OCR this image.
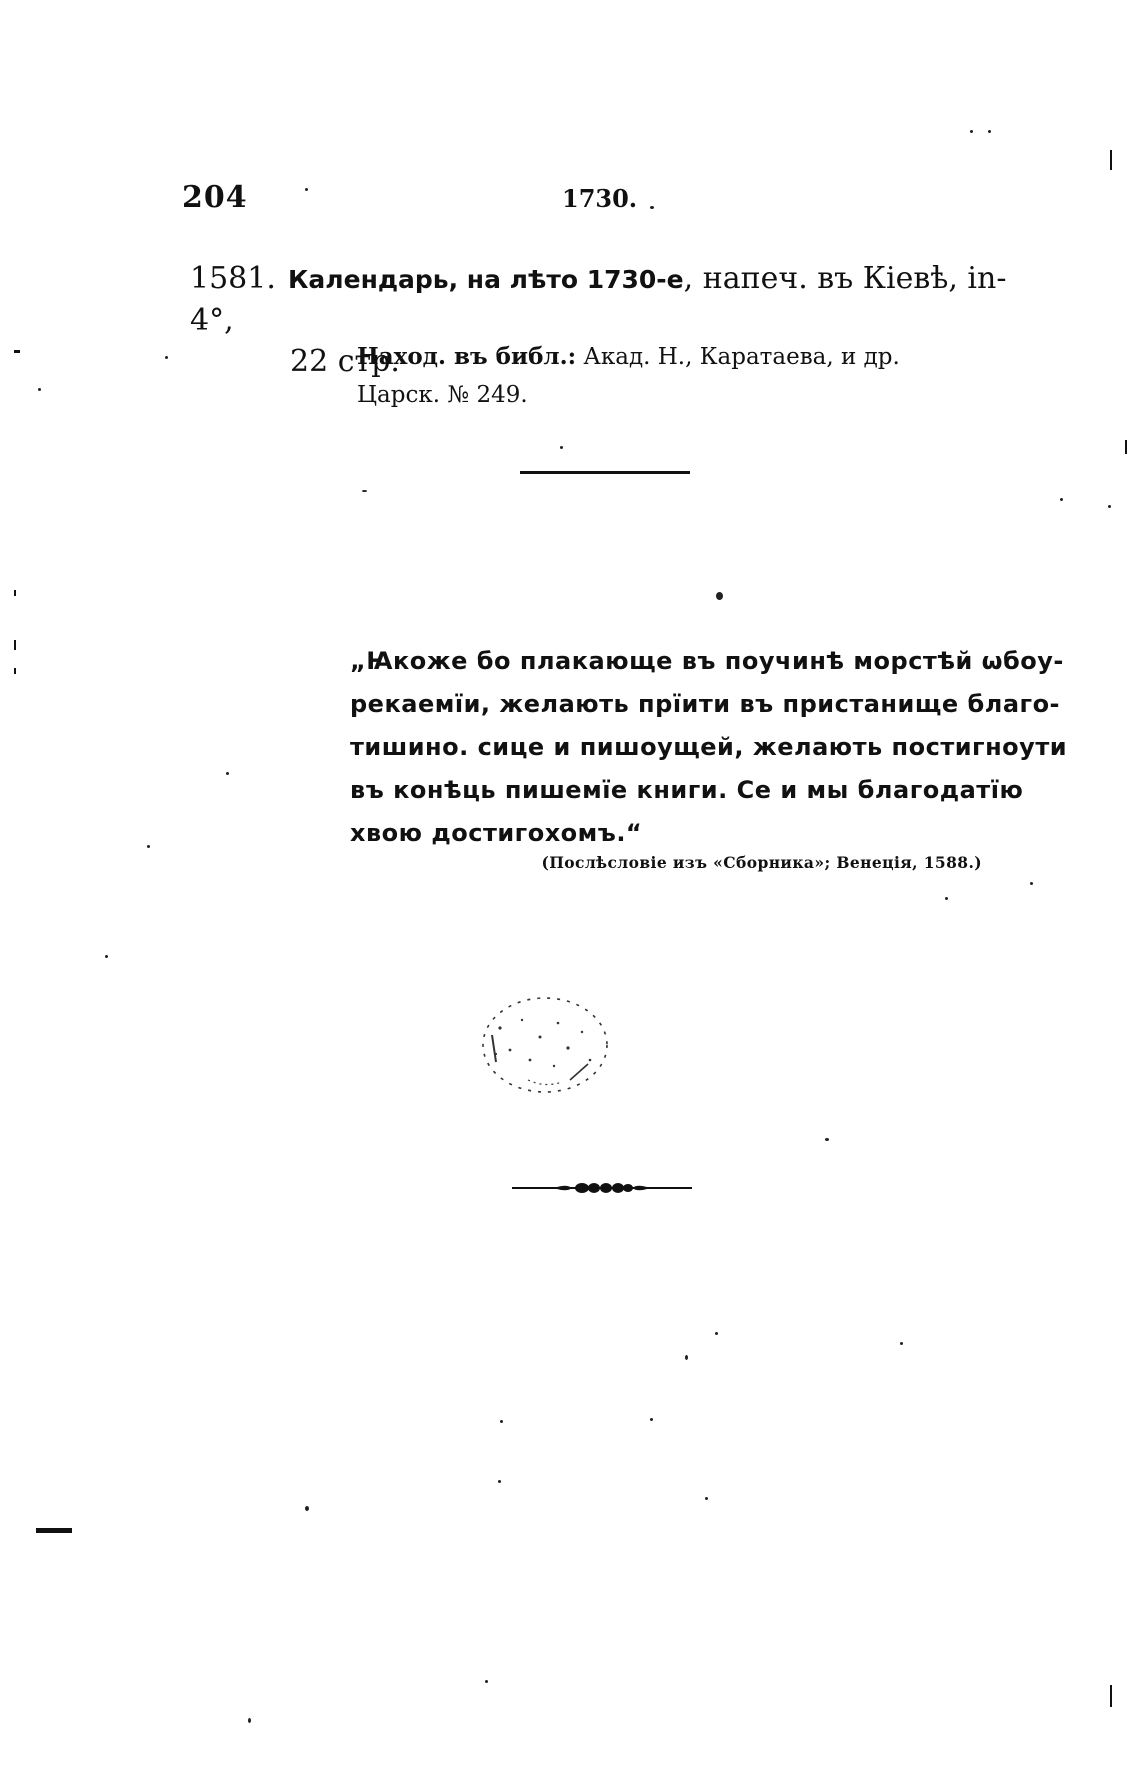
204	1730.
1581. Календарь, на лѣто 1730-е, напеч. въ Кіевѣ, in-4°,
22 стр.
Наход. въ библ.: Акад. Н., Каратаева, и др.
Царск. № 249.
„Ꙗкоже бо плакающе въ поучинѣ морстѣй ѡбоу-
рекаемїи, желають прїити въ пристанище благо-
тишино. сице и пишоущей, желають постигноути
въ конѣць пишемїе книги. Се и мы благодатїю
хвою достигохомъ.“
(Послѣсловіе изъ «Сборника»; Венеція, 1588.)
